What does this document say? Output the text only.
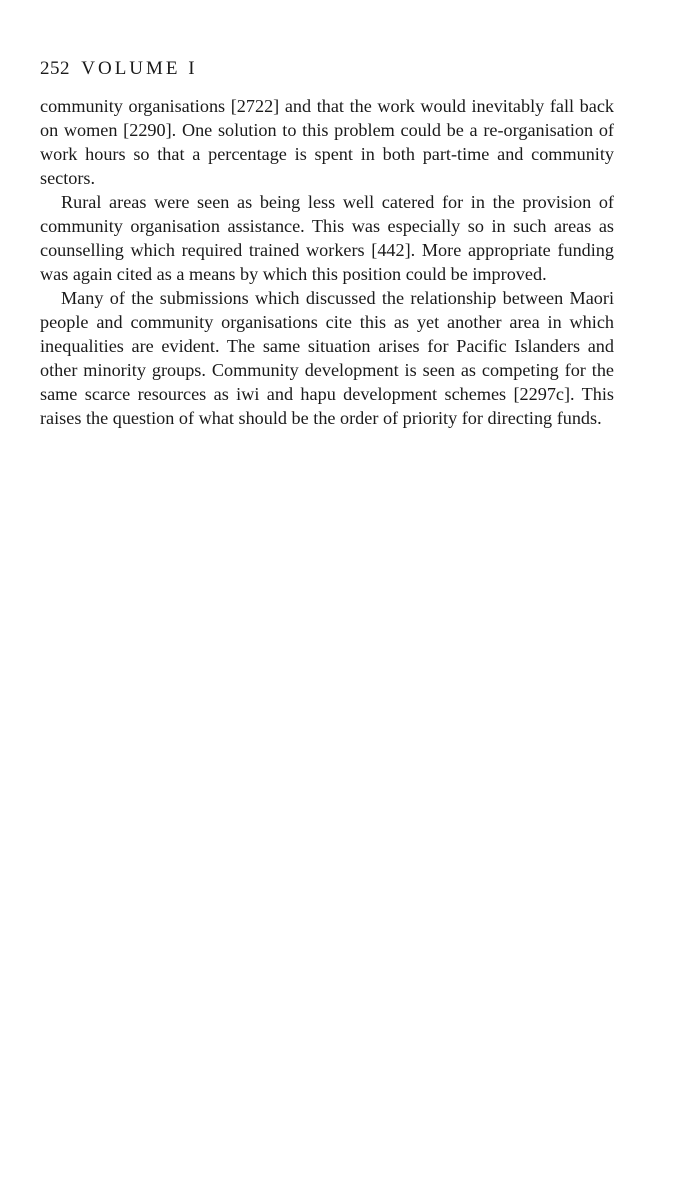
252 VOLUME I

community organisations [2722] and that the work would inevitably fall back on women [2290]. One solution to this problem could be a re-organisation of work hours so that a percentage is spent in both part-time and community sectors.

Rural areas were seen as being less well catered for in the provision of community organisation assistance. This was especially so in such areas as counselling which required trained workers [442]. More appropriate funding was again cited as a means by which this position could be improved.

Many of the submissions which discussed the relationship between Maori people and community organisations cite this as yet another area in which inequalities are evident. The same situation arises for Pacific Islanders and other minority groups. Community development is seen as competing for the same scarce resources as iwi and hapu development schemes [2297c]. This raises the question of what should be the order of priority for directing funds.
